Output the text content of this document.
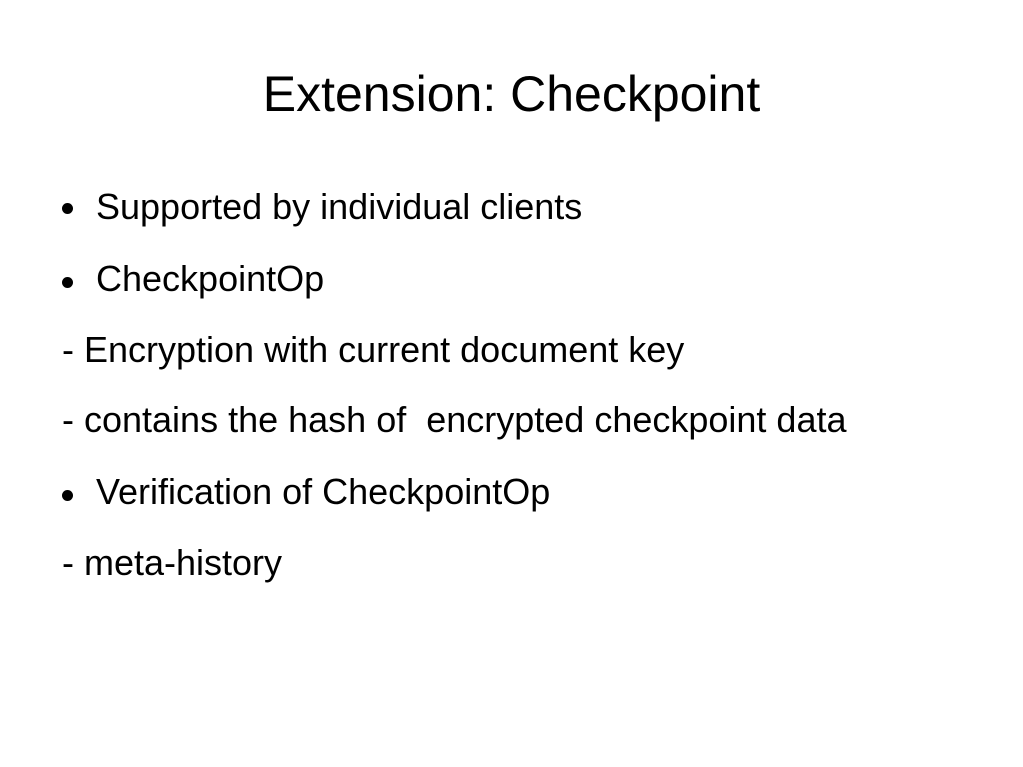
Extension: Checkpoint
Supported by individual clients
CheckpointOp
- Encryption with current document key
- contains the hash of  encrypted checkpoint data
Verification of CheckpointOp
- meta-history
